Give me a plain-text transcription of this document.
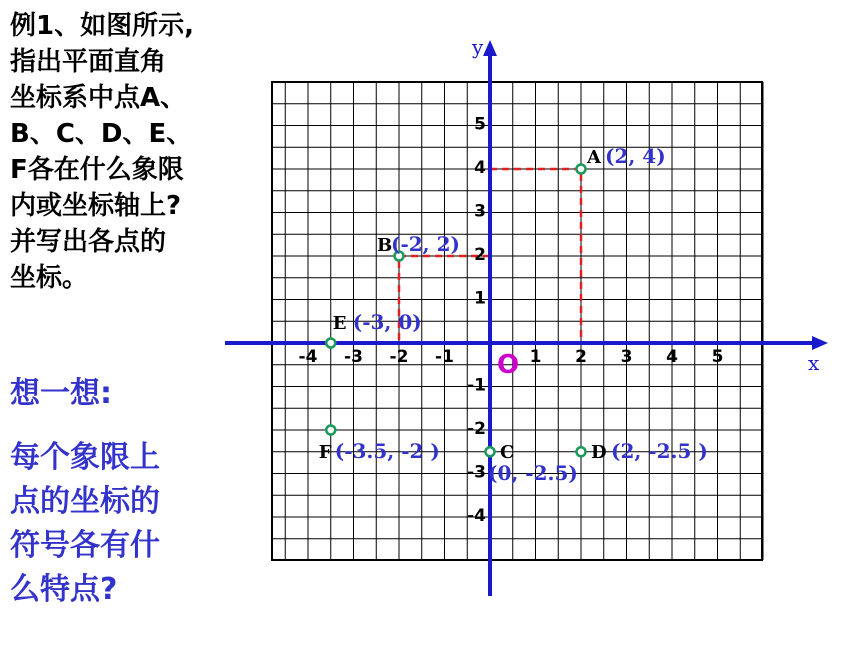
例1、如图所示,
指出平面直角
坐标系中点A、
B、C、D、E、
F各在什么象限
内或坐标轴上?
并写出各点的
坐标。
想一想:
每个象限上
点的坐标的
符号各有什
么特点?
x
y
O
-4 -3 -2 -1	1 2 3 4 5
5
4
3
2
1
-1
-2
-3
-4
A (2, 4)
B
(-2, 2)
C
(0, -2.5)
D (2, -2.5 )
E (-3, 0)
F (-3.5, -2 )
